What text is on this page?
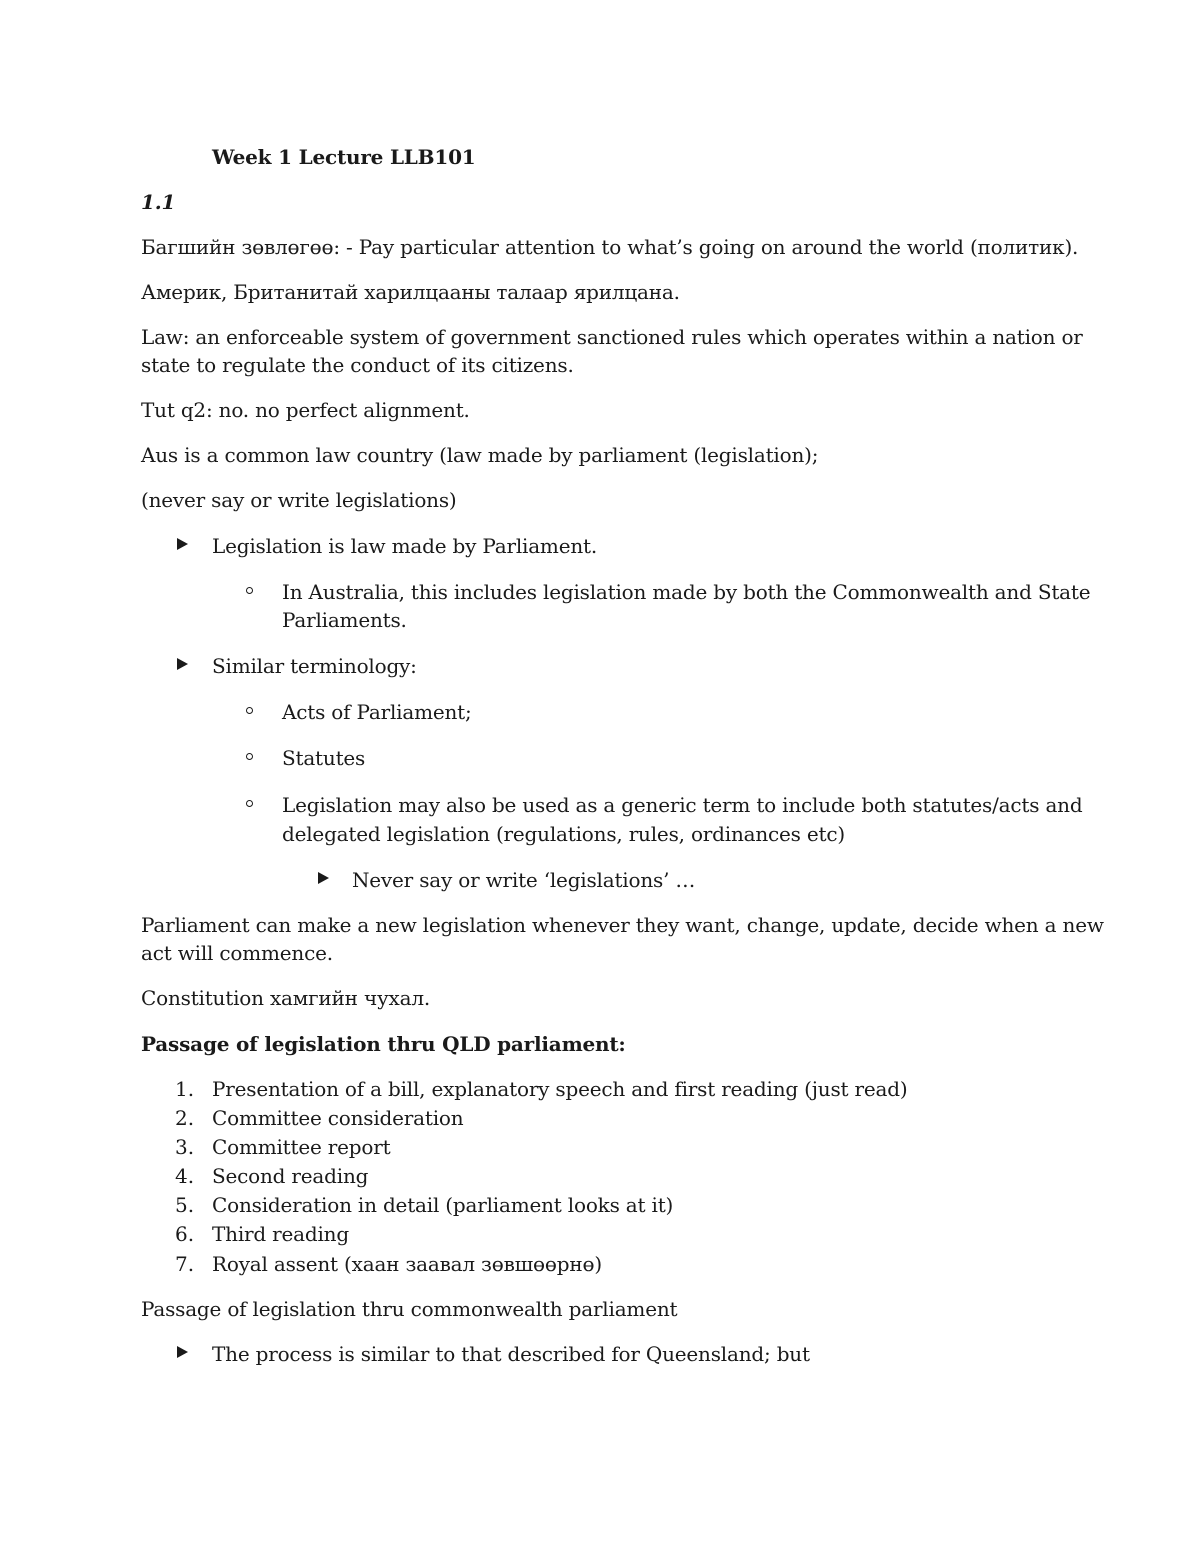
Week 1 Lecture LLB101
1.1
Багшийн зөвлөгөө: - Pay particular attention to what’s going on around the world (политик).
Америк, Британитай харилцааны талаар ярилцана.
Law: an enforceable system of government sanctioned rules which operates within a nation or
state to regulate the conduct of its citizens.
Tut q2: no. no perfect alignment.
Aus is a common law country (law made by parliament (legislation);
(never say or write legislations)
Legislation is law made by Parliament.
In Australia, this includes legislation made by both the Commonwealth and State
Parliaments.
Similar terminology:
Acts of Parliament;
Statutes
Legislation may also be used as a generic term to include both statutes/acts and
delegated legislation (regulations, rules, ordinances etc)
Never say or write ‘legislations’ …
Parliament can make a new legislation whenever they want, change, update, decide when a new
act will commence.
Constitution хамгийн чухал.
Passage of legislation thru QLD parliament:
1. Presentation of a bill, explanatory speech and first reading (just read)
2. Committee consideration
3. Committee report
4. Second reading
5. Consideration in detail (parliament looks at it)
6. Third reading
7. Royal assent (хаан заавал зөвшөөрнө)
Passage of legislation thru commonwealth parliament
The process is similar to that described for Queensland; but
